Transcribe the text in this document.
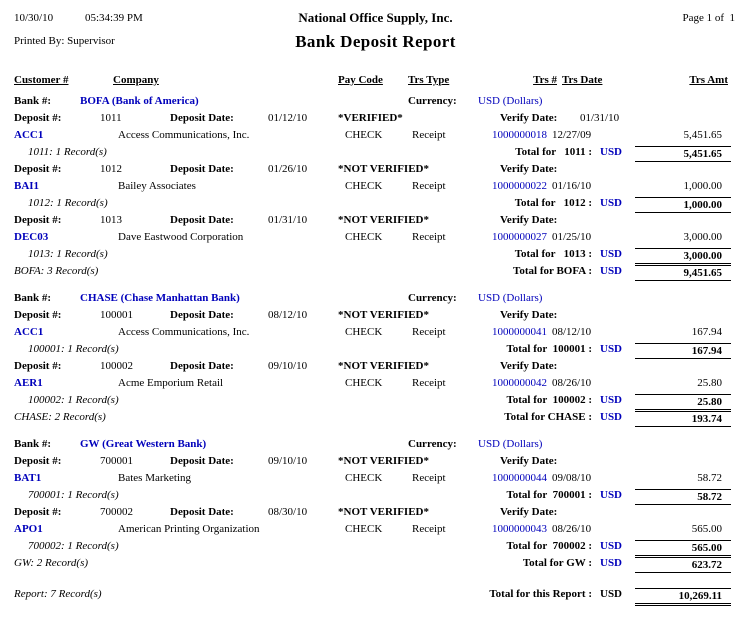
10/30/10	05:34:39 PM	National Office Supply, Inc.	Page 1 of  1
Printed By: Supervisor	Bank Deposit Report
Customer #	Company	Pay Code Trs Type	Trs # Trs Date	Trs Amt
Bank #:	BOFA (Bank of America)	Currency: USD (Dollars)
Deposit #:	1011	Deposit Date:	01/12/10	*VERIFIED*	Verify Date: 01/31/10
ACC1	Access Communications, Inc.	CHECK	Receipt	1000000018 12/27/09	5,451.65
1011: 1 Record(s)	Total for   1011 : USD	5,451.65
Deposit #:	1012	Deposit Date:	01/26/10	*NOT VERIFIED*	Verify Date:
BAI1	Bailey Associates	CHECK	Receipt	1000000022 01/16/10	1,000.00
1012: 1 Record(s)	Total for   1012 : USD	1,000.00
Deposit #:	1013	Deposit Date:	01/31/10	*NOT VERIFIED*	Verify Date:
DEC03	Dave Eastwood Corporation	CHECK	Receipt	1000000027 01/25/10	3,000.00
1013: 1 Record(s)	Total for   1013 : USD	3,000.00
BOFA: 3 Record(s)	Total for BOFA : USD	9,451.65
Bank #:	CHASE (Chase Manhattan Bank)	Currency: USD (Dollars)
Deposit #:	100001	Deposit Date:	08/12/10	*NOT VERIFIED*	Verify Date:
ACC1	Access Communications, Inc.	CHECK	Receipt	1000000041 08/12/10	167.94
100001: 1 Record(s)	Total for  100001 : USD	167.94
Deposit #:	100002	Deposit Date:	09/10/10	*NOT VERIFIED*	Verify Date:
AER1	Acme Emporium Retail	CHECK	Receipt	1000000042 08/26/10	25.80
100002: 1 Record(s)	Total for  100002 : USD	25.80
CHASE: 2 Record(s)	Total for CHASE : USD	193.74
Bank #:	GW (Great Western Bank)	Currency: USD (Dollars)
Deposit #:	700001	Deposit Date:	09/10/10	*NOT VERIFIED*	Verify Date:
BAT1	Bates Marketing	CHECK	Receipt	1000000044 09/08/10	58.72
700001: 1 Record(s)	Total for  700001 : USD	58.72
Deposit #:	700002	Deposit Date:	08/30/10	*NOT VERIFIED*	Verify Date:
APO1	American Printing Organization	CHECK	Receipt	1000000043 08/26/10	565.00
700002: 1 Record(s)	Total for  700002 : USD	565.00
GW: 2 Record(s)	Total for GW : USD	623.72
Report: 7 Record(s)	Total for this Report : USD	10,269.11
